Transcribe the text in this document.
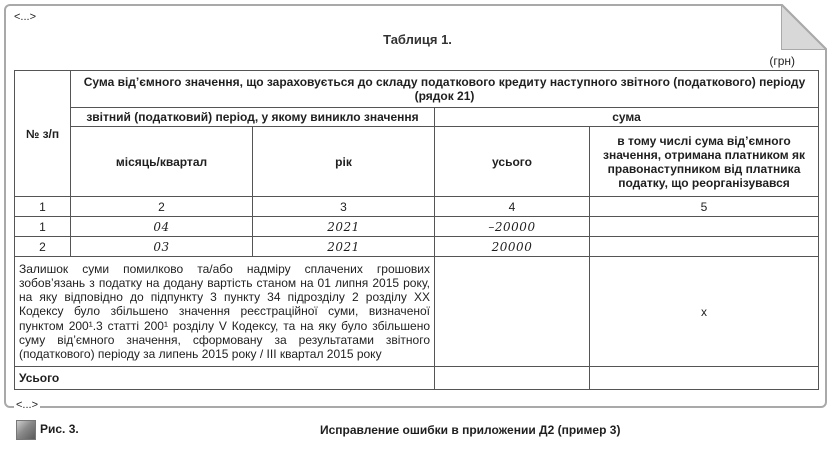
<...>
Таблиця 1.
(грн)
№ з/п	Сума від’ємного значення, що зараховується до складу податкового кредиту наступного звітного (податкового) періоду (рядок 21)			
	звітний (податковий) період, у якому виникло значення		сума	
	місяць/квартал	рік	усього	в тому числі сума від’ємного значення, отримана платником як правонаступником від платника податку, що реорганізувався
1	2	3	4	5
1	04	2021	–20000	
2	03	2021	20000	
Залишок суми помилково та/або надміру сплачених грошових зобов’язань з податку на додану вартість станом на 01 липня 2015 року, на яку відповідно до підпункту 3 пункту 34 підрозділу 2 розділу XX Кодексу було збільшено значення реєстраційної суми, визначеної пунктом 200¹.3 статті 200¹ розділу V Кодексу, та на яку було збільшено суму від’ємного значення, сформовану за результатами звітного (податкового) періоду за липень 2015 року / III квартал 2015 року				x
Усього				
<...>
Рис. 3.	Исправление ошибки в приложении Д2 (пример 3)
